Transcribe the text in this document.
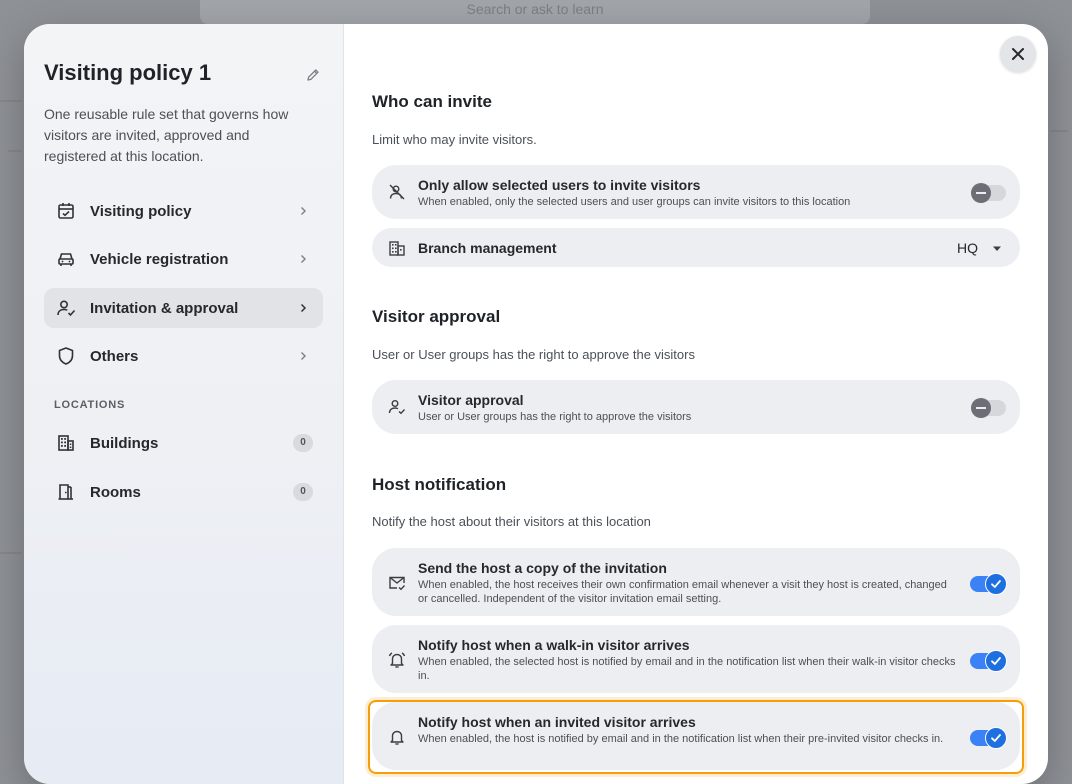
Search or ask to learn
Visiting policy 1
One reusable rule set that governs how visitors are invited, approved and registered at this location.
Visiting policy
Vehicle registration
Invitation & approval
Others
LOCATIONS
Buildings	0
Rooms	0
Who can invite
Limit who may invite visitors.
Only allow selected users to invite visitors
When enabled, only the selected users and user groups can invite visitors to this location
Branch management	HQ
Visitor approval
User or User groups has the right to approve the visitors
Visitor approval
User or User groups has the right to approve the visitors
Host notification
Notify the host about their visitors at this location
Send the host a copy of the invitation
When enabled, the host receives their own confirmation email whenever a visit they host is created, changed or cancelled. Independent of the visitor invitation email setting.
Notify host when a walk-in visitor arrives
When enabled, the selected host is notified by email and in the notification list when their walk-in visitor checks in.
Notify host when an invited visitor arrives
When enabled, the host is notified by email and in the notification list when their pre-invited visitor checks in.
